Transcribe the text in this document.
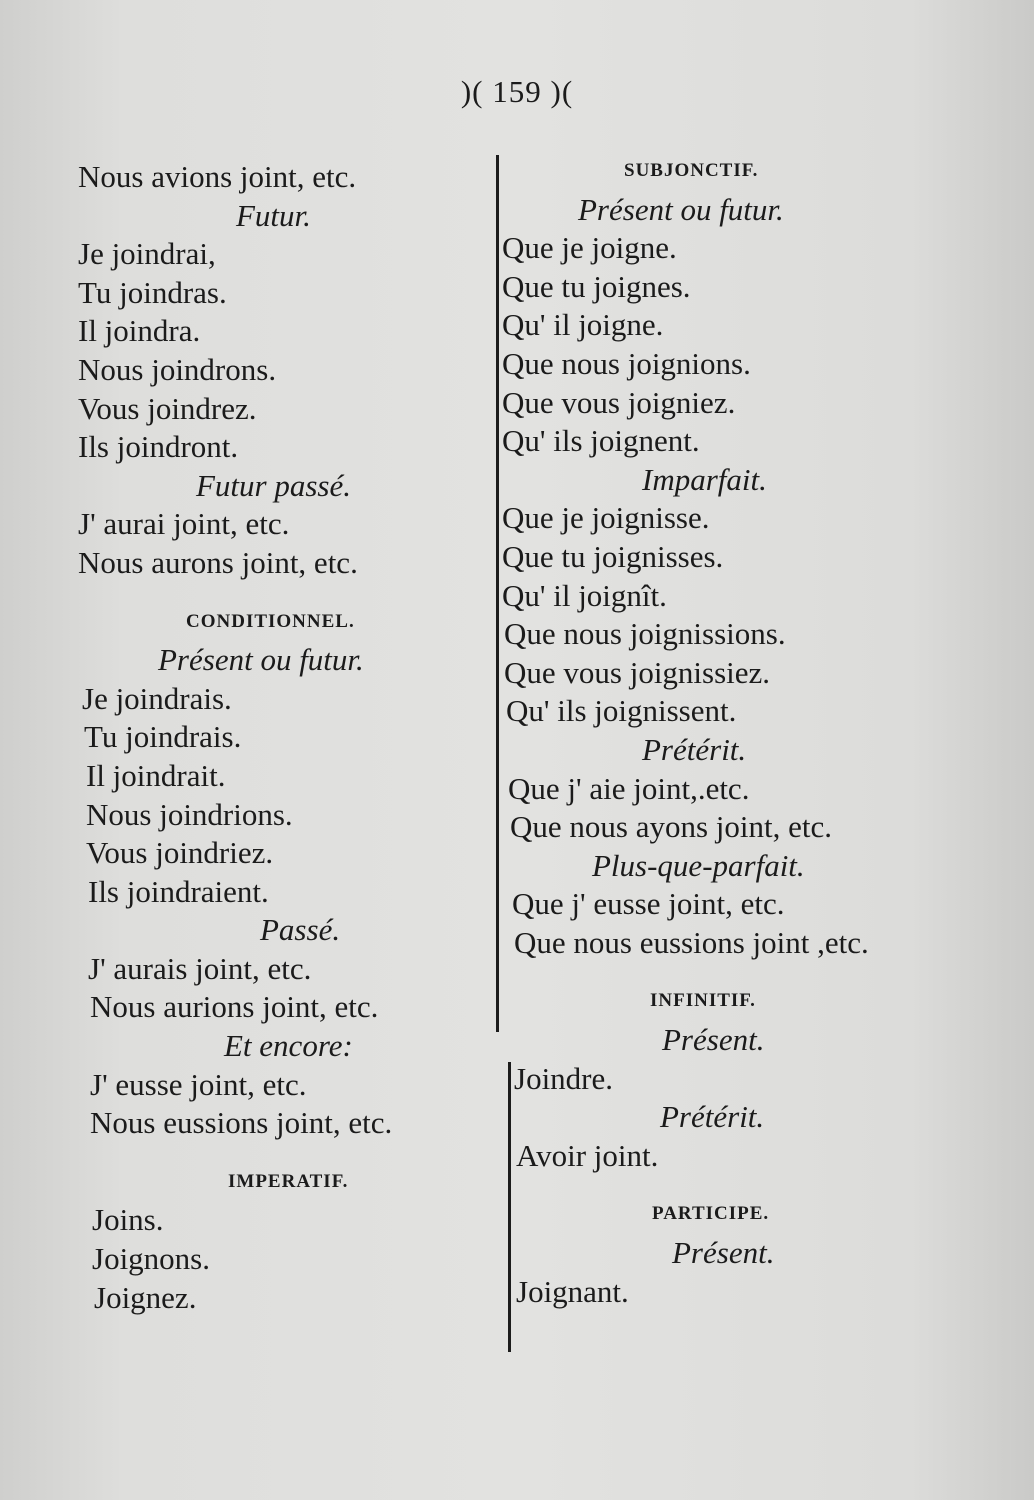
)( 159 )(
Nous avions joint, etc.
Futur.
Je joindrai,
Tu joindras.
Il joindra.
Nous joindrons.
Vous joindrez.
Ils joindront.
Futur passé.
J' aurai joint, etc.
Nous aurons joint, etc.
CONDITIONNEL.
Présent ou futur.
Je joindrais.
Tu joindrais.
Il joindrait.
Nous joindrions.
Vous joindriez.
Ils joindraient.
Passé.
J' aurais joint, etc.
Nous aurions joint, etc.
Et encore:
J' eusse joint, etc.
Nous eussions joint, etc.
IMPERATIF.
Joins.
Joignons.
Joignez.
SUBJONCTIF.
Présent ou futur.
Que je joigne.
Que tu joignes.
Qu' il joigne.
Que nous joignions.
Que vous joigniez.
Qu' ils joignent.
Imparfait.
Que je joignisse.
Que tu joignisses.
Qu' il joignît.
Que nous joignissions.
Que vous joignissiez.
Qu' ils joignissent.
Prétérit.
Que j' aie joint,.etc.
Que nous ayons joint, etc.
Plus-que-parfait.
Que j' eusse joint, etc.
Que nous eussions joint ,etc.
INFINITIF.
Présent.
Joindre.
Prétérit.
Avoir joint.
PARTICIPE.
Présent.
Joignant.
